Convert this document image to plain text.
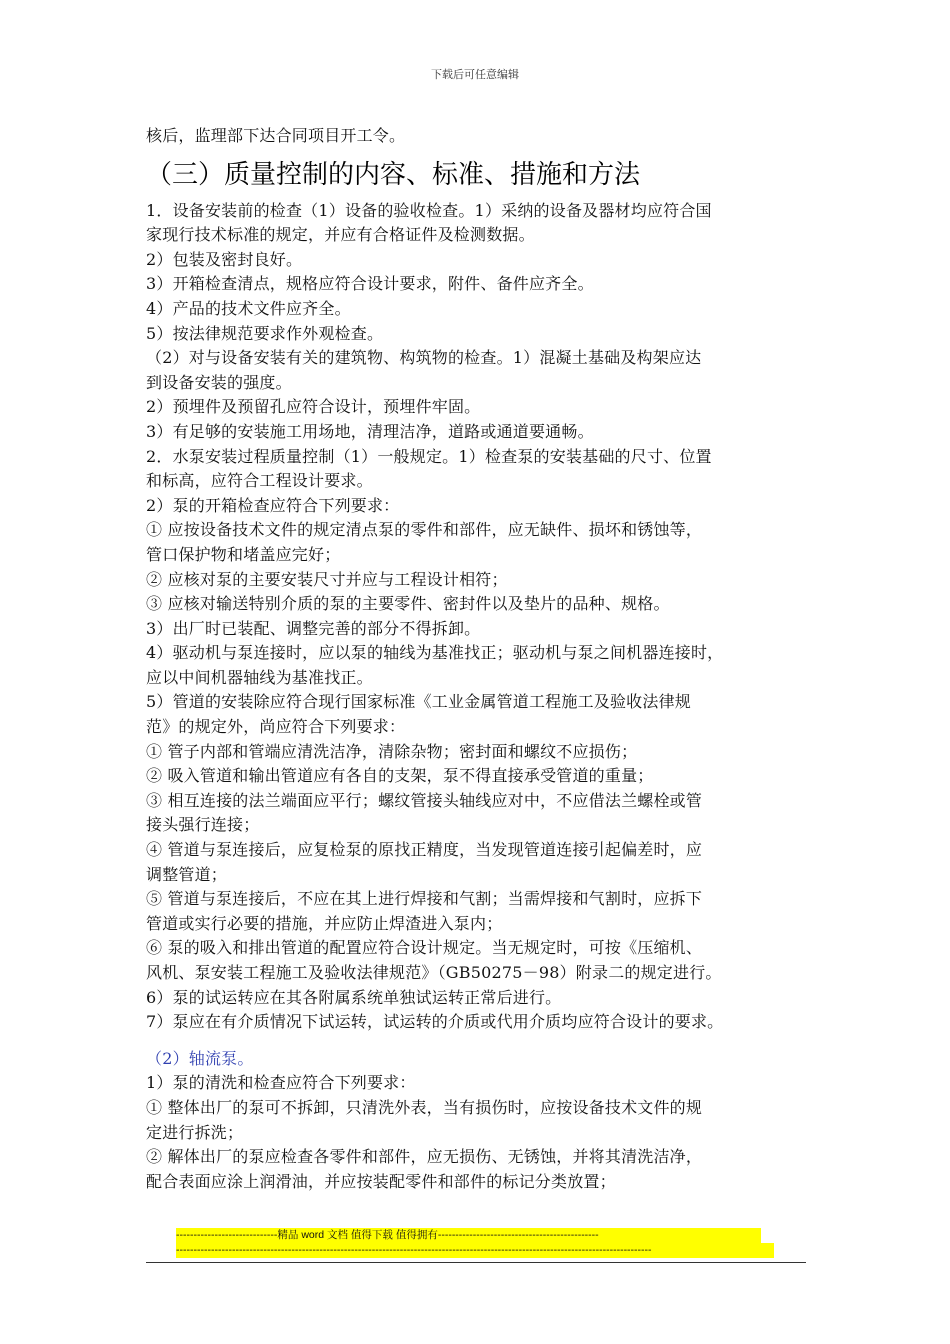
下载后可任意编辑
核后，监理部下达合同项目开工令。
（三）质量控制的内容、标准、措施和方法
1．设备安装前的检查（1）设备的验收检查。1）采纳的设备及器材均应符合国
家现行技术标准的规定，并应有合格证件及检测数据。
2）包装及密封良好。
3）开箱检查清点，规格应符合设计要求，附件、备件应齐全。
4）产品的技术文件应齐全。
5）按法律规范要求作外观检查。
（2）对与设备安装有关的建筑物、构筑物的检查。1）混凝土基础及构架应达
到设备安装的强度。
2）预埋件及预留孔应符合设计，预埋件牢固。
3）有足够的安装施工用场地，清理洁净，道路或通道要通畅。
2．水泵安装过程质量控制（1）一般规定。1）检查泵的安装基础的尺寸、位置
和标高，应符合工程设计要求。
2）泵的开箱检查应符合下列要求：
① 应按设备技术文件的规定清点泵的零件和部件，应无缺件、损坏和锈蚀等，
管口保护物和堵盖应完好；
② 应核对泵的主要安装尺寸并应与工程设计相符；
③ 应核对输送特别介质的泵的主要零件、密封件以及垫片的品种、规格。
3）出厂时已装配、调整完善的部分不得拆卸。
4）驱动机与泵连接时，应以泵的轴线为基准找正；驱动机与泵之间机器连接时，
应以中间机器轴线为基准找正。
5）管道的安装除应符合现行国家标准《工业金属管道工程施工及验收法律规
范》的规定外，尚应符合下列要求：
① 管子内部和管端应清洗洁净，清除杂物；密封面和螺纹不应损伤；
② 吸入管道和输出管道应有各自的支架，泵不得直接承受管道的重量；
③ 相互连接的法兰端面应平行；螺纹管接头轴线应对中，不应借法兰螺栓或管
接头强行连接；
④ 管道与泵连接后，应复检泵的原找正精度，当发现管道连接引起偏差时，应
调整管道；
⑤ 管道与泵连接后，不应在其上进行焊接和气割；当需焊接和气割时，应拆下
管道或实行必要的措施，并应防止焊渣进入泵内；
⑥ 泵的吸入和排出管道的配置应符合设计规定。当无规定时，可按《压缩机、
风机、泵安装工程施工及验收法律规范》（GB50275－98）附录二的规定进行。
6）泵的试运转应在其各附属系统单独试运转正常后进行。
7）泵应在有介质情况下试运转，试运转的介质或代用介质均应符合设计的要求。
（2）轴流泵。
1）泵的清洗和检查应符合下列要求：
① 整体出厂的泵可不拆卸，只清洗外表，当有损伤时，应按设备技术文件的规
定进行拆洗；
② 解体出厂的泵应检查各零件和部件，应无损伤、无锈蚀，并将其清洗洁净，
配合表面应涂上润滑油，并应按装配零件和部件的标记分类放置；
-----------------------------精品 word 文档 值得下载 值得拥有----------------------------------------------
----------------------------------------------------------------------------------------------------------------------------------------
